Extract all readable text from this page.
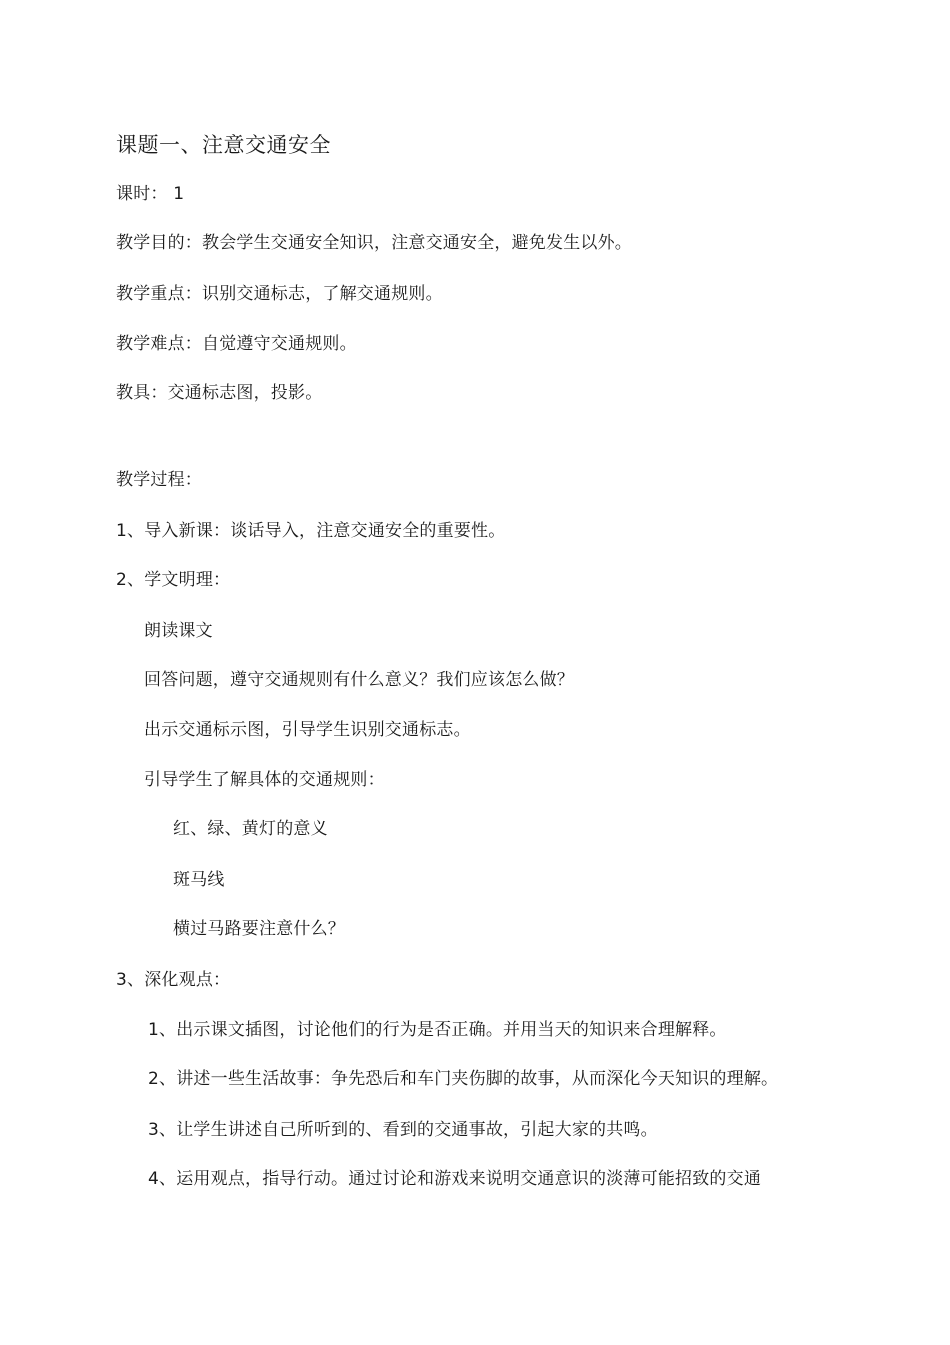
课题一、注意交通安全
课时： 1
教学目的：教会学生交通安全知识，注意交通安全，避免发生以外。
教学重点：识别交通标志，了解交通规则。
教学难点：自觉遵守交通规则。
教具：交通标志图，投影。
教学过程：
1、导入新课：谈话导入，注意交通安全的重要性。
2、学文明理：
朗读课文
回答问题，遵守交通规则有什么意义？我们应该怎么做？
出示交通标示图，引导学生识别交通标志。
引导学生了解具体的交通规则：
红、绿、黄灯的意义
斑马线
横过马路要注意什么？
3、深化观点：
1、出示课文插图，讨论他们的行为是否正确。并用当天的知识来合理解释。
2、讲述一些生活故事：争先恐后和车门夹伤脚的故事，从而深化今天知识的理解。
3、让学生讲述自己所听到的、看到的交通事故，引起大家的共鸣。
4、运用观点，指导行动。通过讨论和游戏来说明交通意识的淡薄可能招致的交通
